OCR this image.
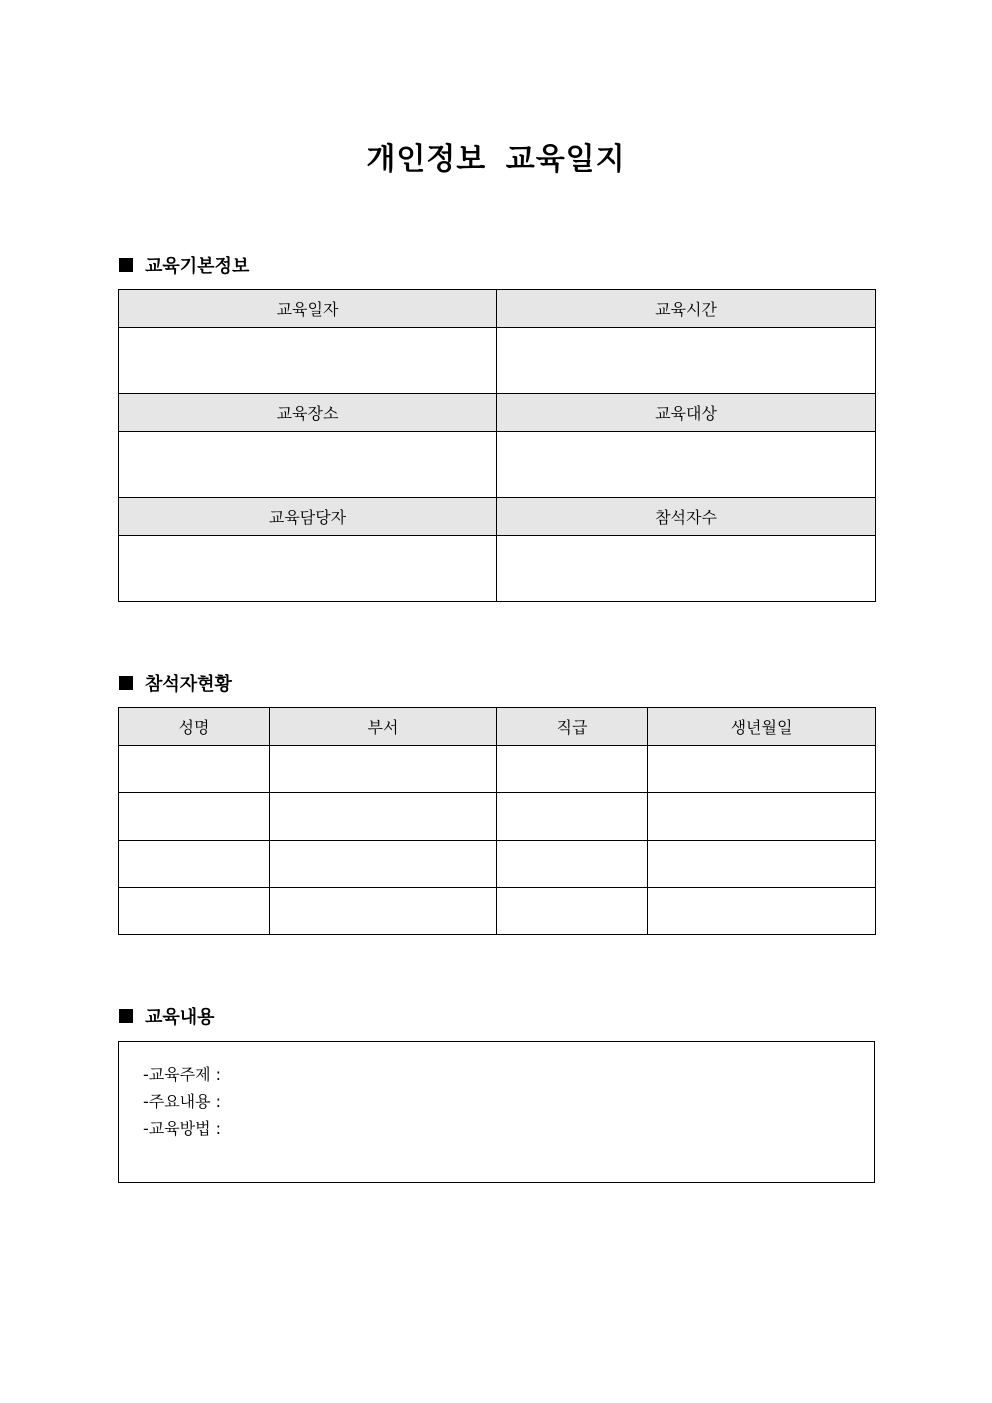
개인정보 교육일지
교육기본정보
교육일자	교육시간

교육장소	교육대상

교육담당자	참석자수

참석자현황
성명	부서	직급	생년월일

교육내용
-교육주제 :
-주요내용 :
-교육방법 :
